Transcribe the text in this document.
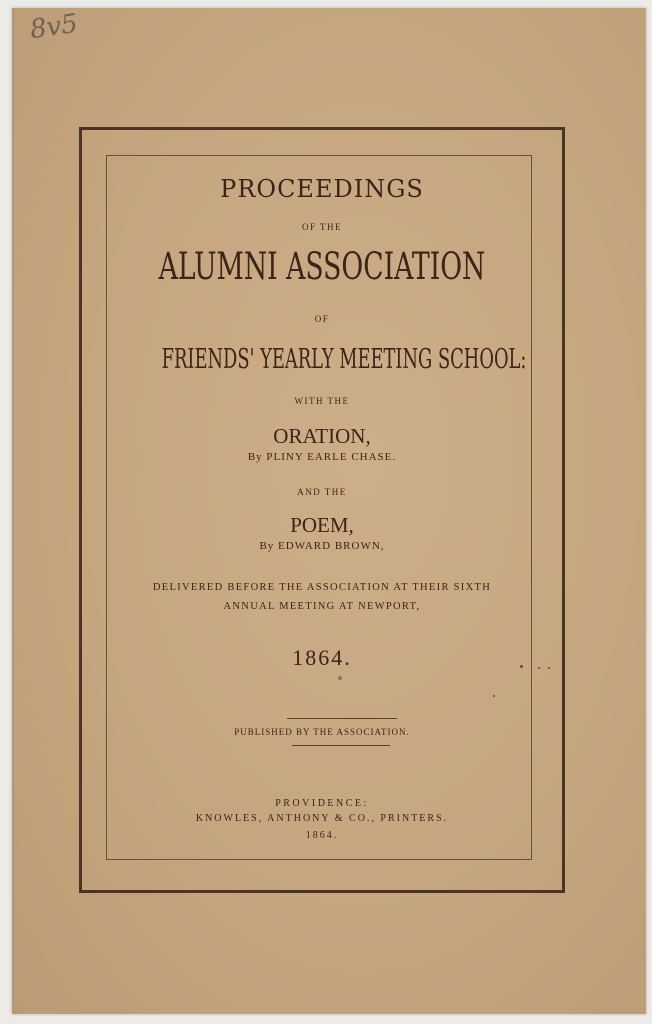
8v5
PROCEEDINGS
OF THE
ALUMNI ASSOCIATION
OF
FRIENDS' YEARLY MEETING SCHOOL:
WITH THE
ORATION,
By PLINY EARLE CHASE.
AND THE
POEM,
By EDWARD BROWN,
DELIVERED BEFORE THE ASSOCIATION AT THEIR SIXTH
ANNUAL MEETING AT NEWPORT,
1864.
PUBLISHED BY THE ASSOCIATION.
PROVIDENCE:
KNOWLES, ANTHONY & CO., PRINTERS.
1864.
